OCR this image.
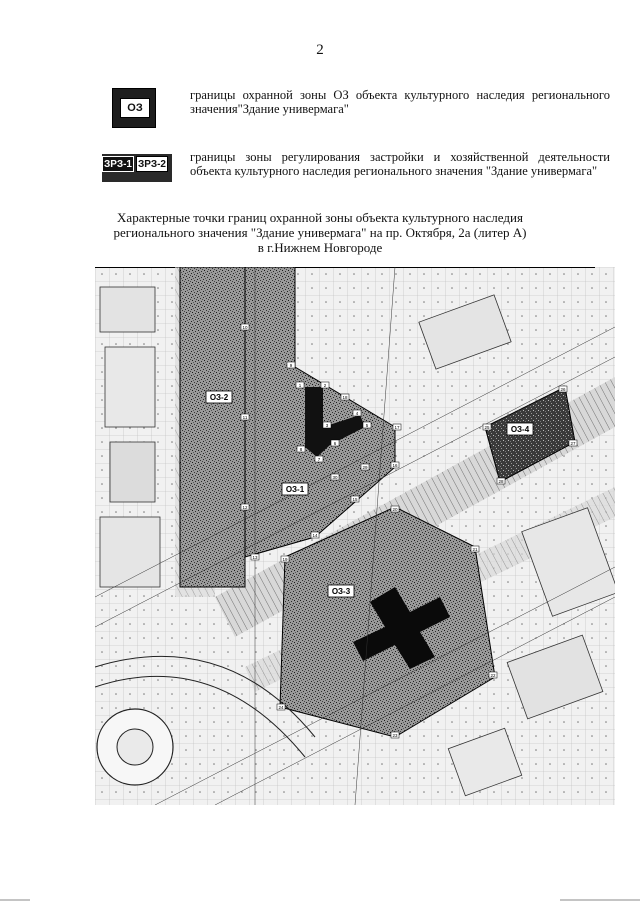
2
ОЗ
границы охранной зоны ОЗ объекта культурного наследия регионального значения"Здание универмага"
ЗРЗ-1 ЗРЗ-2
границы зоны регулирования застройки и хозяйственной деятельности объекта культурного наследия регионального значения "Здание универмага"
Характерные точки границ охранной зоны объекта культурного наследия
регионального значения "Здание универмага" на пр. Октября, 2а (литер А)
в г.Нижнем Новгороде
ОЗ-2
ОЗ-1
ОЗ-3
ОЗ-4
1	2
3
4
5
6
7
8
9
10
11
12
13
14
15
16
17
18
19
20
21
22
23
24
25
26
27
28
29
30
